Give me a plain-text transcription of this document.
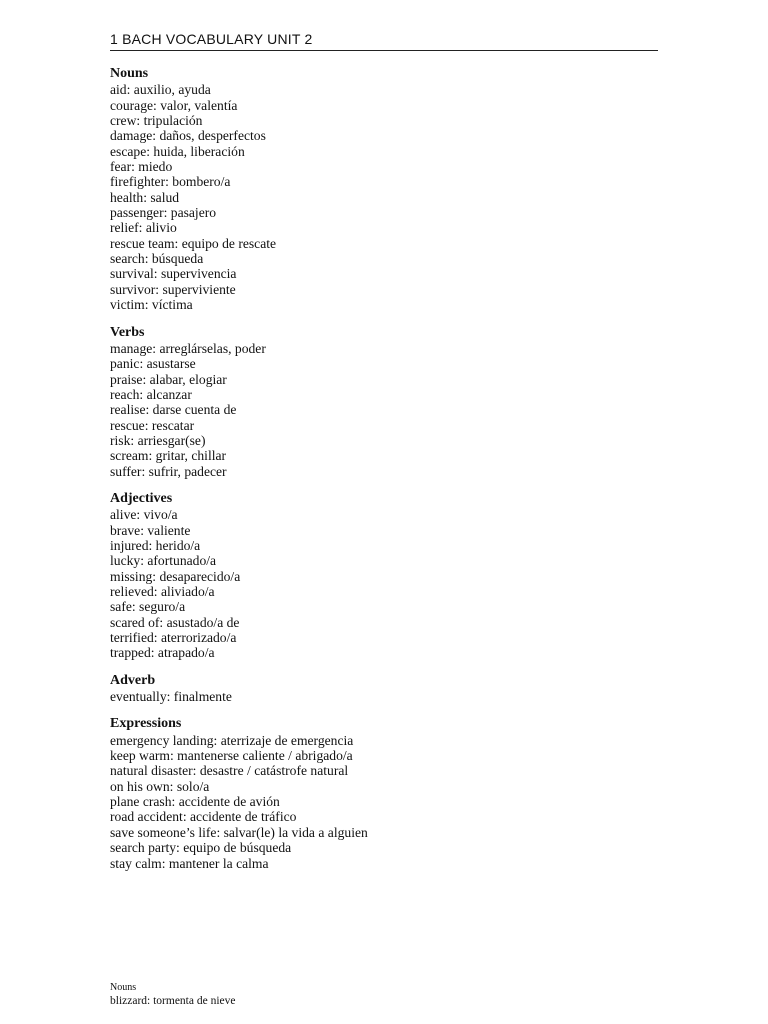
1 BACH VOCABULARY UNIT 2
Nouns
aid: auxilio, ayuda
courage: valor, valentía
crew: tripulación
damage: daños, desperfectos
escape: huida, liberación
fear: miedo
firefighter: bombero/a
health: salud
passenger: pasajero
relief: alivio
rescue team: equipo de rescate
search: búsqueda
survival: supervivencia
survivor: superviviente
victim: víctima
Verbs
manage: arreglárselas, poder
panic: asustarse
praise: alabar, elogiar
reach: alcanzar
realise: darse cuenta de
rescue: rescatar
risk: arriesgar(se)
scream: gritar, chillar
suffer: sufrir, padecer
Adjectives
alive: vivo/a
brave: valiente
injured: herido/a
lucky: afortunado/a
missing: desaparecido/a
relieved: aliviado/a
safe: seguro/a
scared of: asustado/a de
terrified: aterrorizado/a
trapped: atrapado/a
Adverb
eventually: finalmente
Expressions
emergency landing: aterrizaje de emergencia
keep warm: mantenerse caliente / abrigado/a
natural disaster: desastre / catástrofe natural
on his own: solo/a
plane crash: accidente de avión
road accident: accidente de tráfico
save someone’s life: salvar(le) la vida a alguien
search party: equipo de búsqueda
stay calm: mantener la calma
Nouns
blizzard: tormenta de nieve
